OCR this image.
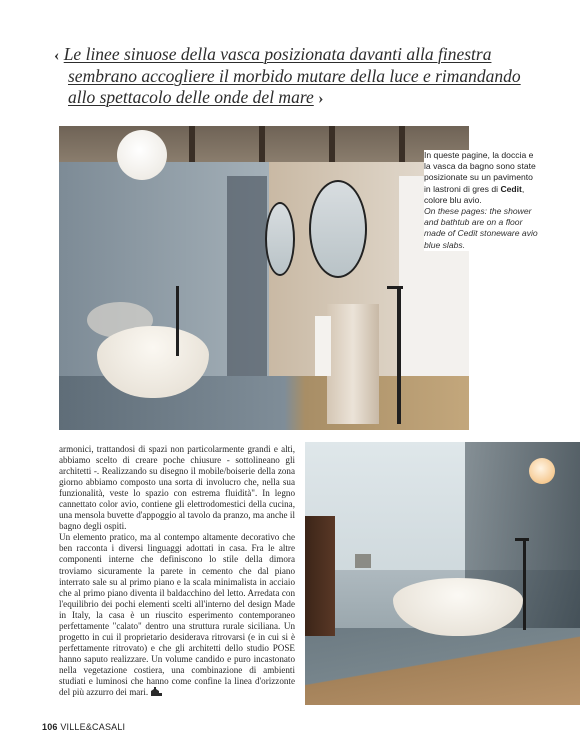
‹ Le linee sinuose della vasca posizionata davanti alla finestra
sembrano accogliere il morbido mutare della luce e rimandando
allo spettacolo delle onde del mare ›

In queste pagine, la doccia e la vasca da bagno sono state posizionate su un pavimento in lastroni di gres di Cedit, colore blu avio.

On these pages: the shower and bathtub are on a floor made of Cedit stoneware avio blue slabs.

armonici, trattandosi di spazi non particolarmente grandi e alti, abbiamo scelto di creare poche chiusure - sottolineano gli architetti -. Realizzando su disegno il mobile/boiserie della zona giorno abbiamo composto una sorta di involucro che, nella sua funzionalità, veste lo spazio con estrema fluidità". In legno cannettato color avio, contiene gli elettrodomestici della cucina, una mensola buvette d'appoggio al tavolo da pranzo, ma anche il bagno degli ospiti.

Un elemento pratico, ma al contempo altamente decorativo che ben racconta i diversi linguaggi adottati in casa. Fra le altre componenti interne che definiscono lo stile della dimora troviamo sicuramente la parete in cemento che dal piano interrato sale su al primo piano e la scala minimalista in acciaio che al primo piano diventa il baldacchino del letto. Arredata con l'equilibrio dei pochi elementi scelti all'interno del design Made in Italy, la casa è un riuscito esperimento contemporaneo perfettamente "calato" dentro una struttura rurale siciliana. Un progetto in cui il proprietario desiderava ritrovarsi (e in cui si è perfettamente ritrovato) e che gli architetti dello studio POSE hanno saputo realizzare. Un volume candido e puro incastonato nella vegetazione costiera, una combinazione di ambienti studiati e luminosi che hanno come confine la linea d'orizzonte del più azzurro dei mari.

106 VILLE&CASALI
